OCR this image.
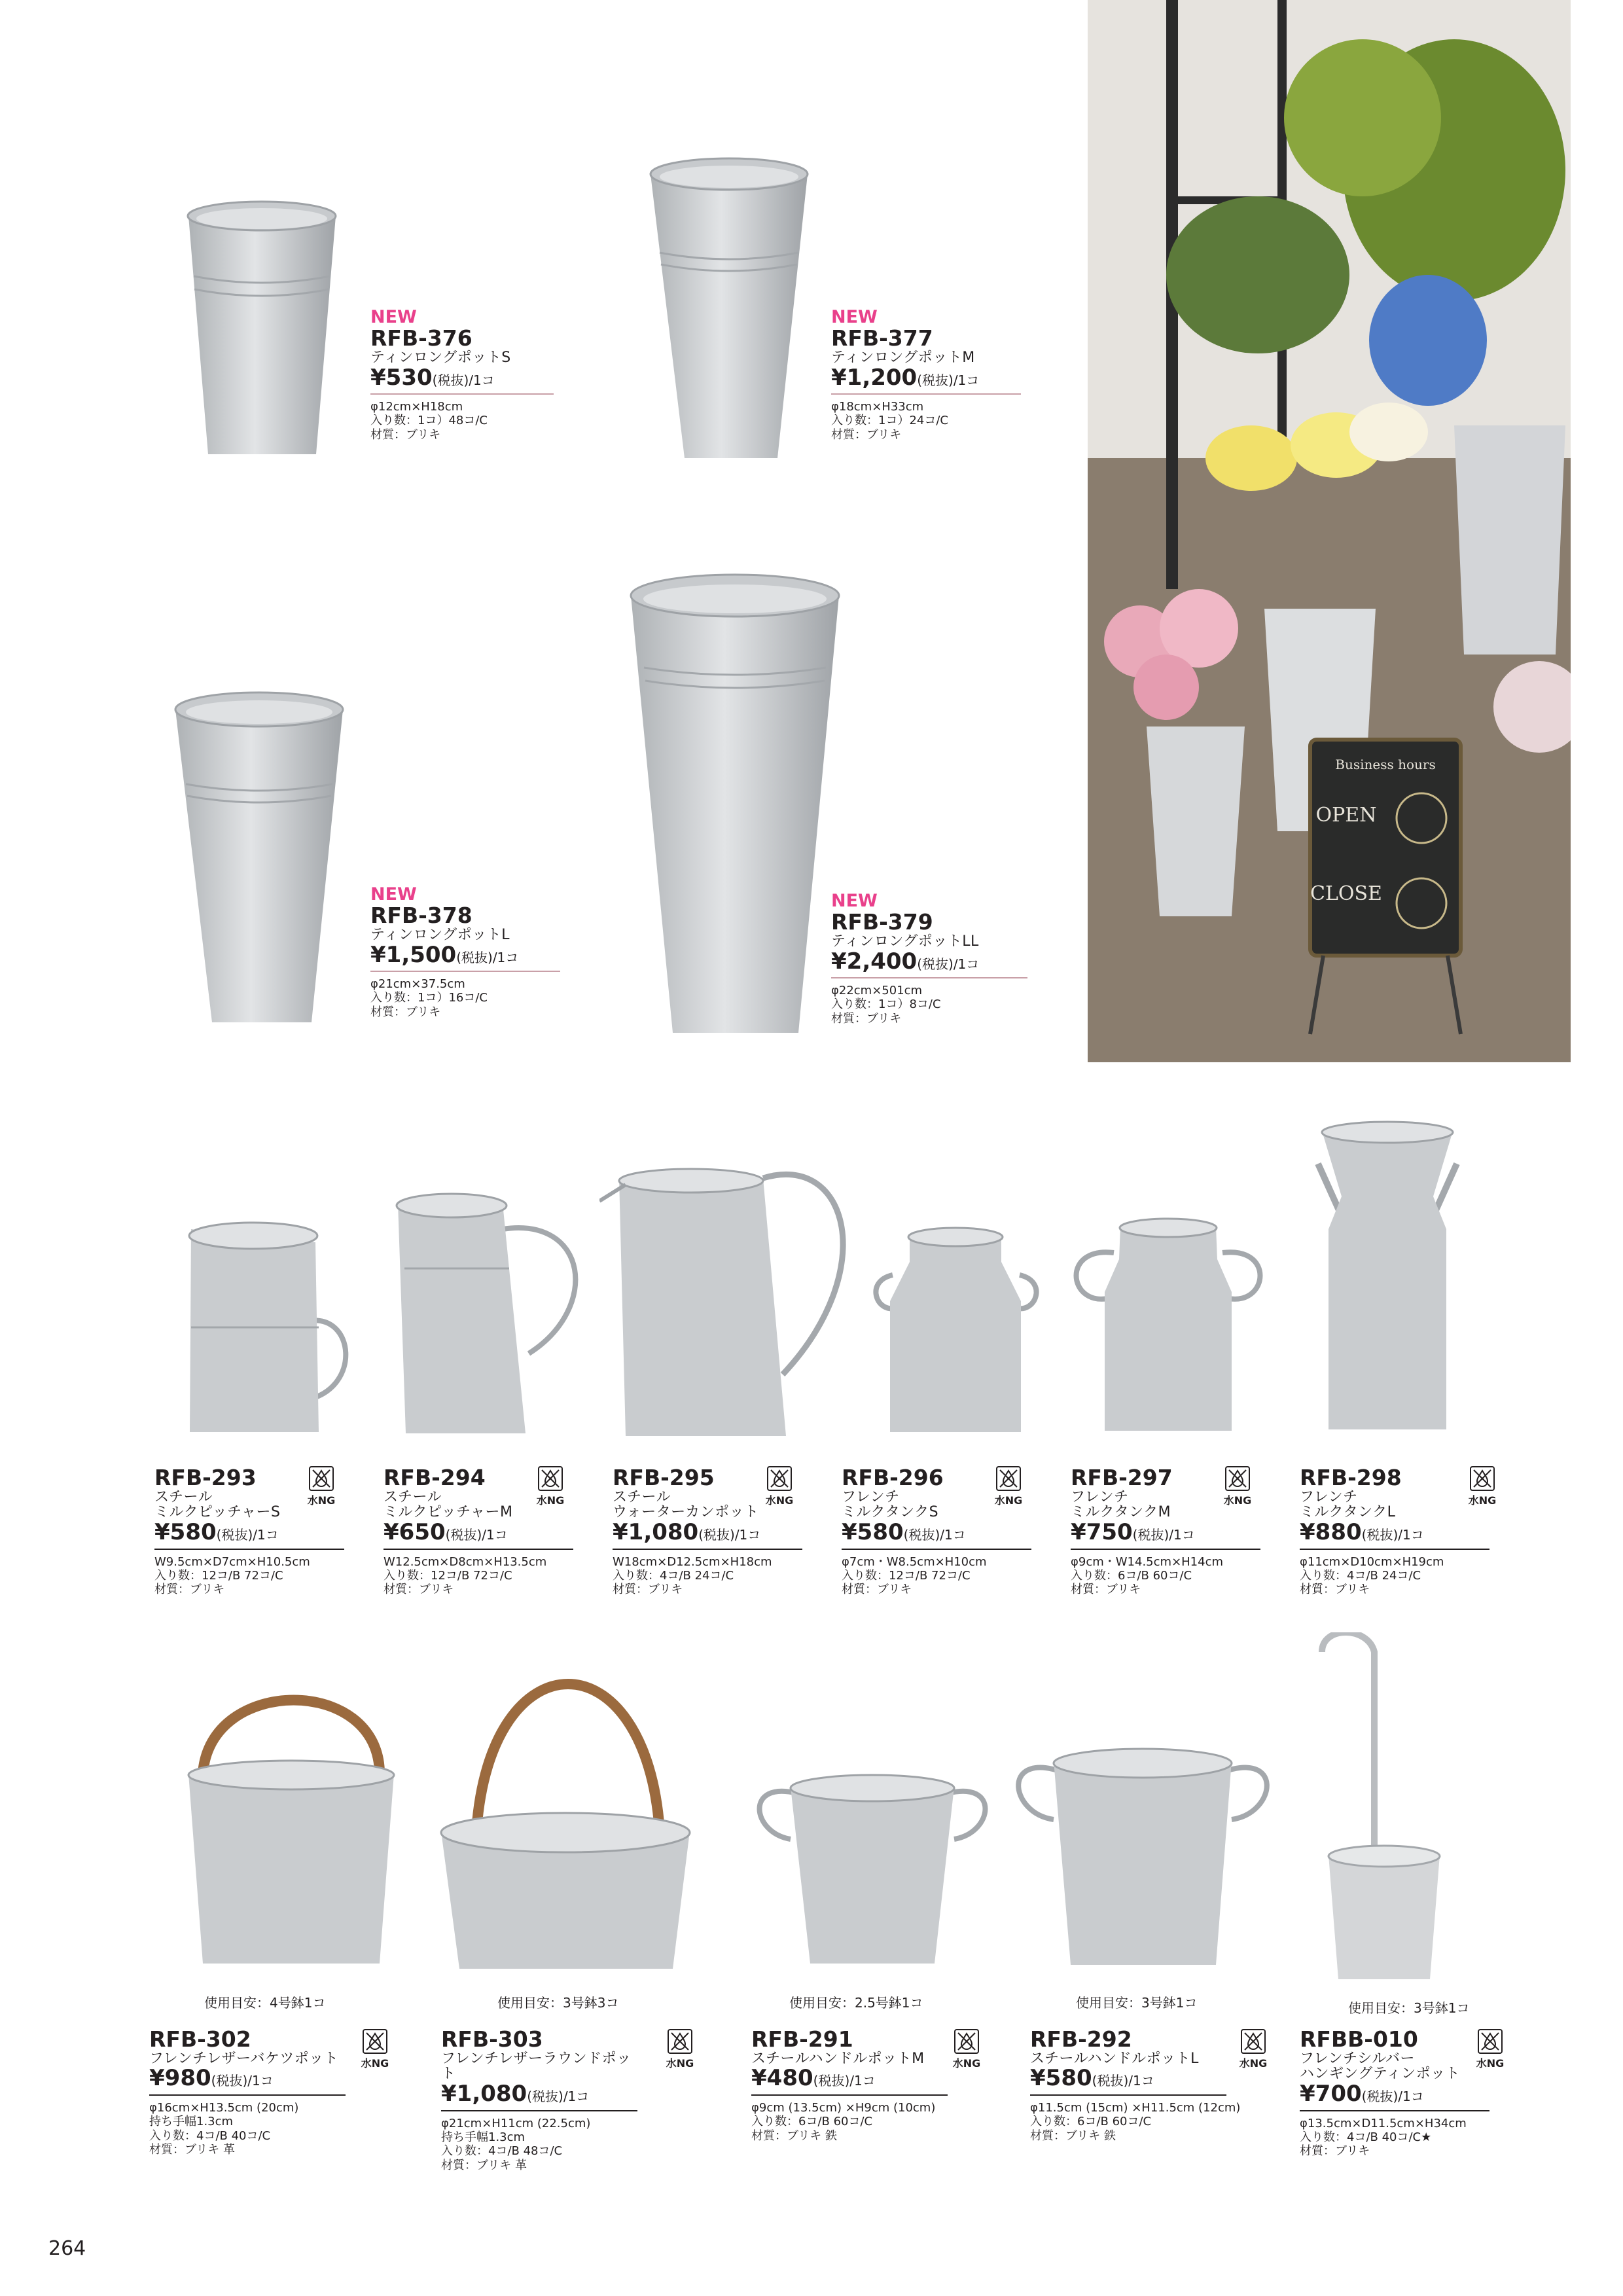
NEW
RFB-376
ティンロングポットS
¥530(税抜)/1コ
φ12cm×H18cm
入り数：1コ）48コ/C
材質：ブリキ
NEW
RFB-377
ティンロングポットM
¥1,200(税抜)/1コ
φ18cm×H33cm
入り数：1コ）24コ/C
材質：ブリキ
NEW
RFB-378
ティンロングポットL
¥1,500(税抜)/1コ
φ21cm×37.5cm
入り数：1コ）16コ/C
材質：ブリキ
NEW
RFB-379
ティンロングポットLL
¥2,400(税抜)/1コ
φ22cm×501cm
入り数：1コ）8コ/C
材質：ブリキ
Business hours
OPEN
CLOSE
RFB-293
スチール
ミルクピッチャーS
¥580(税抜)/1コ
W9.5cm×D7cm×H10.5cm
入り数：12コ/B 72コ/C
材質：ブリキ
水NG
RFB-294
スチール
ミルクピッチャーM
¥650(税抜)/1コ
W12.5cm×D8cm×H13.5cm
入り数：12コ/B 72コ/C
材質：ブリキ
水NG
RFB-295
スチール
ウォーターカンポット
¥1,080(税抜)/1コ
W18cm×D12.5cm×H18cm
入り数：4コ/B 24コ/C
材質：ブリキ
水NG
RFB-296
フレンチ
ミルクタンクS
¥580(税抜)/1コ
φ7cm・W8.5cm×H10cm
入り数：12コ/B 72コ/C
材質：ブリキ
水NG
RFB-297
フレンチ
ミルクタンクM
¥750(税抜)/1コ
φ9cm・W14.5cm×H14cm
入り数：6コ/B 60コ/C
材質：ブリキ
水NG
RFB-298
フレンチ
ミルクタンクL
¥880(税抜)/1コ
φ11cm×D10cm×H19cm
入り数：4コ/B 24コ/C
材質：ブリキ
水NG
使用目安：4号鉢1コ	使用目安：3号鉢3コ	使用目安：2.5号鉢1コ	使用目安：3号鉢1コ	使用目安：3号鉢1コ
RFB-302
フレンチレザーバケツポット
¥980(税抜)/1コ
φ16cm×H13.5cm (20cm)
持ち手幅1.3cm
入り数：4コ/B 40コ/C
材質：ブリキ 革
水NG
RFB-303
フレンチレザーラウンドポット
¥1,080(税抜)/1コ
φ21cm×H11cm (22.5cm)
持ち手幅1.3cm
入り数：4コ/B 48コ/C
材質：ブリキ 革
水NG
RFB-291
スチールハンドルポットM
¥480(税抜)/1コ
φ9cm (13.5cm) ×H9cm (10cm)
入り数：6コ/B 60コ/C
材質：ブリキ 鉄
水NG
RFB-292
スチールハンドルポットL
¥580(税抜)/1コ
φ11.5cm (15cm) ×H11.5cm (12cm)
入り数：6コ/B 60コ/C
材質：ブリキ 鉄
水NG
RFBB-010
フレンチシルバー
ハンギングティンポット
¥700(税抜)/1コ
φ13.5cm×D11.5cm×H34cm
入り数：4コ/B 40コ/C★
材質：ブリキ
水NG
264
